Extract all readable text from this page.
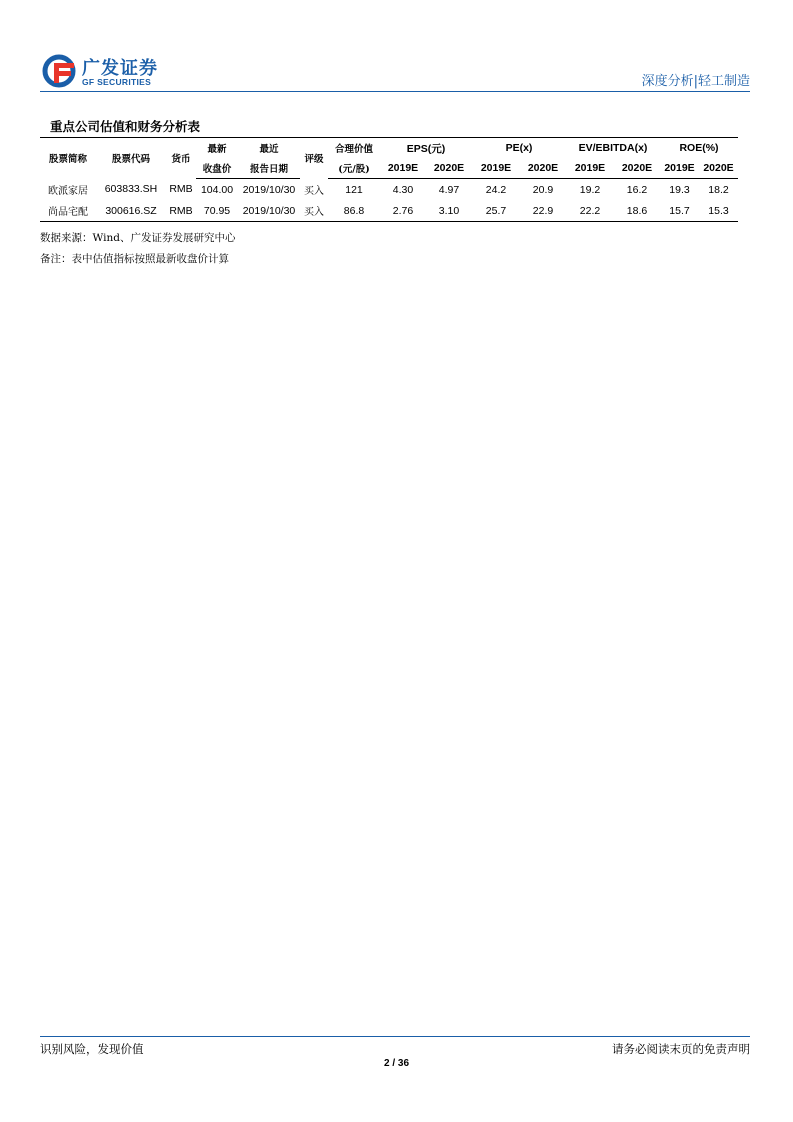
广发证券
GF SECURITIES	深度分析|轻工制造
重点公司估值和财务分析表
股票简称	股票代码	货币	最新	最近	评级	合理价值	EPS(元)		PE(x)		EV/EBITDA(x)		ROE(%)	
			收盘价	报告日期		(元/股)	2019E	2020E	2019E	2020E	2019E	2020E	2019E	2020E
欧派家居	603833.SH	RMB	104.00	2019/10/30	买入	121	4.30	4.97	24.2	20.9	19.2	16.2	19.3	18.2
尚品宅配	300616.SZ	RMB	70.95	2019/10/30	买入	86.8	2.76	3.10	25.7	22.9	22.2	18.6	15.7	15.3
数据来源：Wind、广发证券发展研究中心
备注：表中估值指标按照最新收盘价计算
识别风险，发现价值	请务必阅读末页的免责声明
2 / 36
